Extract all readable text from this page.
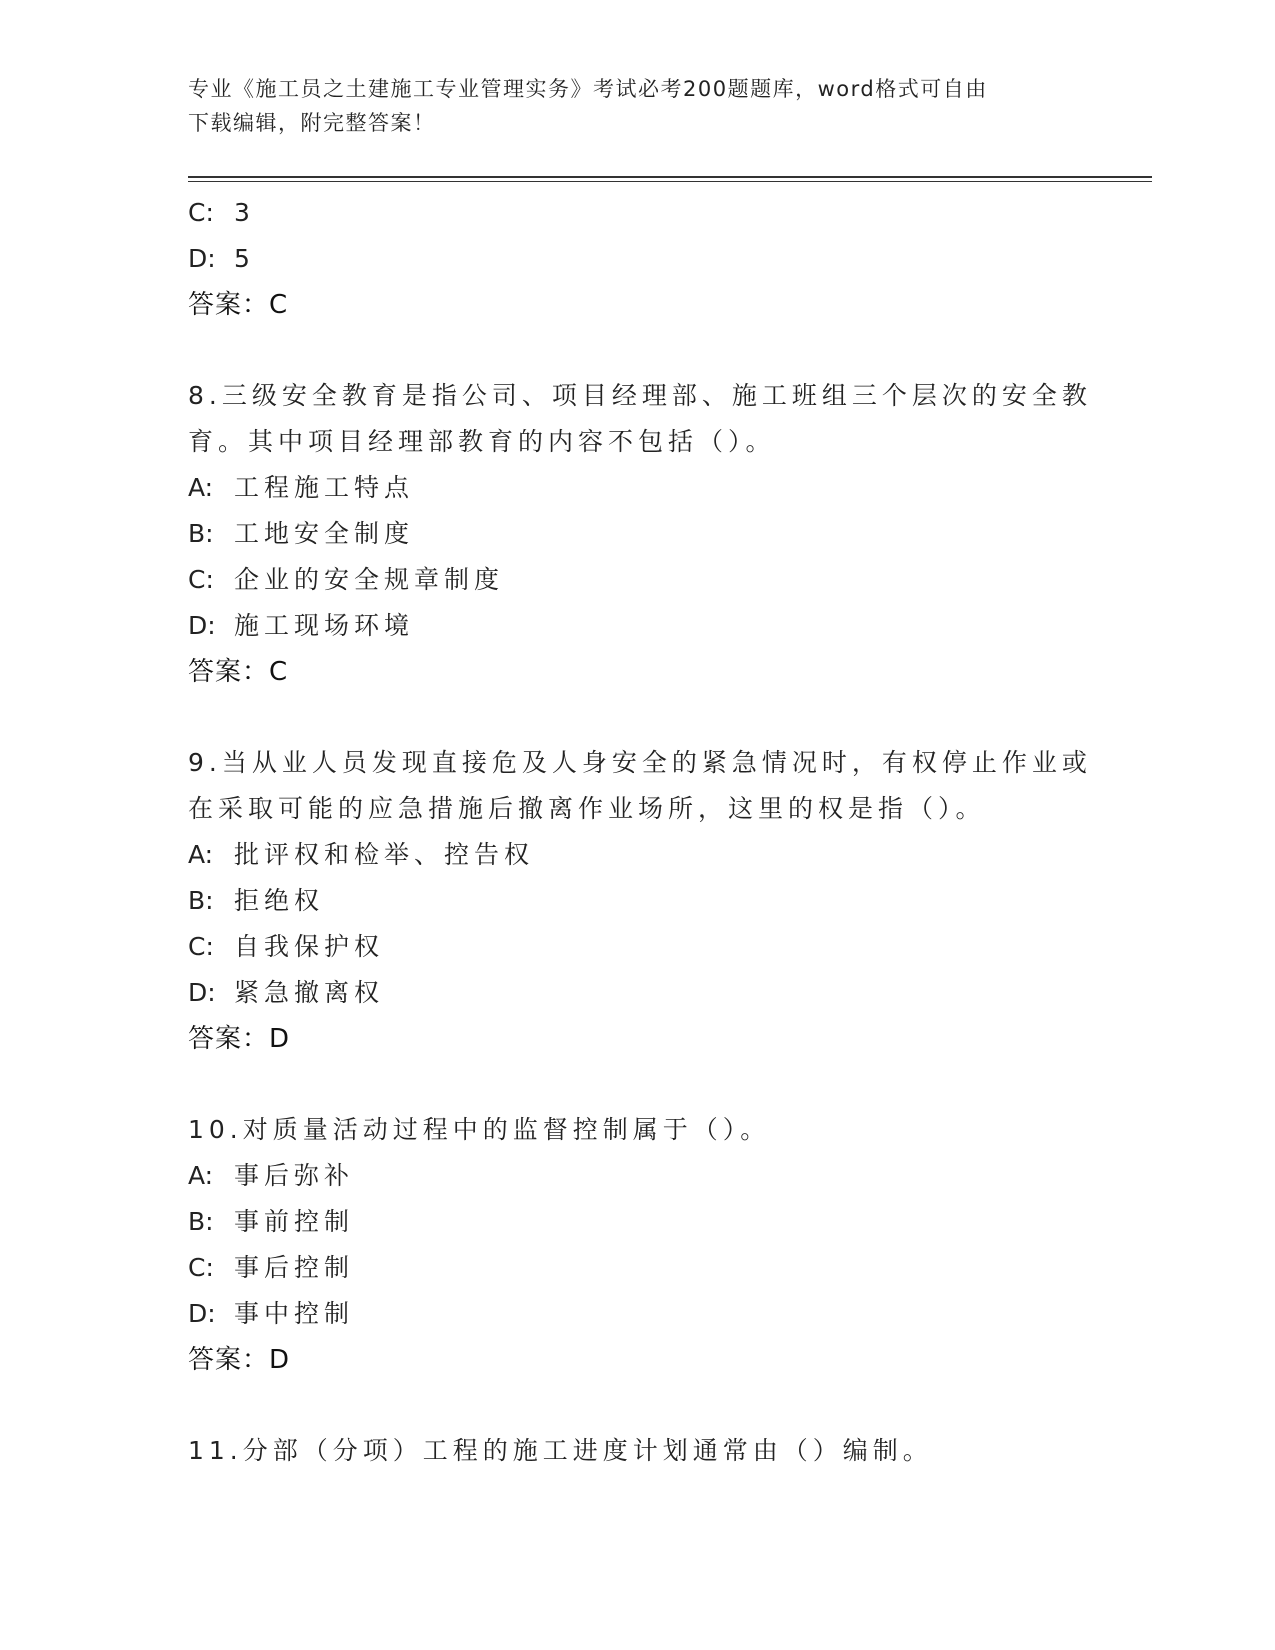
专业《施工员之土建施工专业管理实务》考试必考200题题库，word格式可自由
下载编辑，附完整答案！
C: 3
D: 5
答案：C
8.三级安全教育是指公司、项目经理部、施工班组三个层次的安全教
育。其中项目经理部教育的内容不包括（）。
A: 工程施工特点
B: 工地安全制度
C: 企业的安全规章制度
D: 施工现场环境
答案：C
9.当从业人员发现直接危及人身安全的紧急情况时，有权停止作业或
在采取可能的应急措施后撤离作业场所，这里的权是指（）。
A: 批评权和检举、控告权
B: 拒绝权
C: 自我保护权
D: 紧急撤离权
答案：D
10.对质量活动过程中的监督控制属于（）。
A: 事后弥补
B: 事前控制
C: 事后控制
D: 事中控制
答案：D
11.分部（分项）工程的施工进度计划通常由（）编制。
